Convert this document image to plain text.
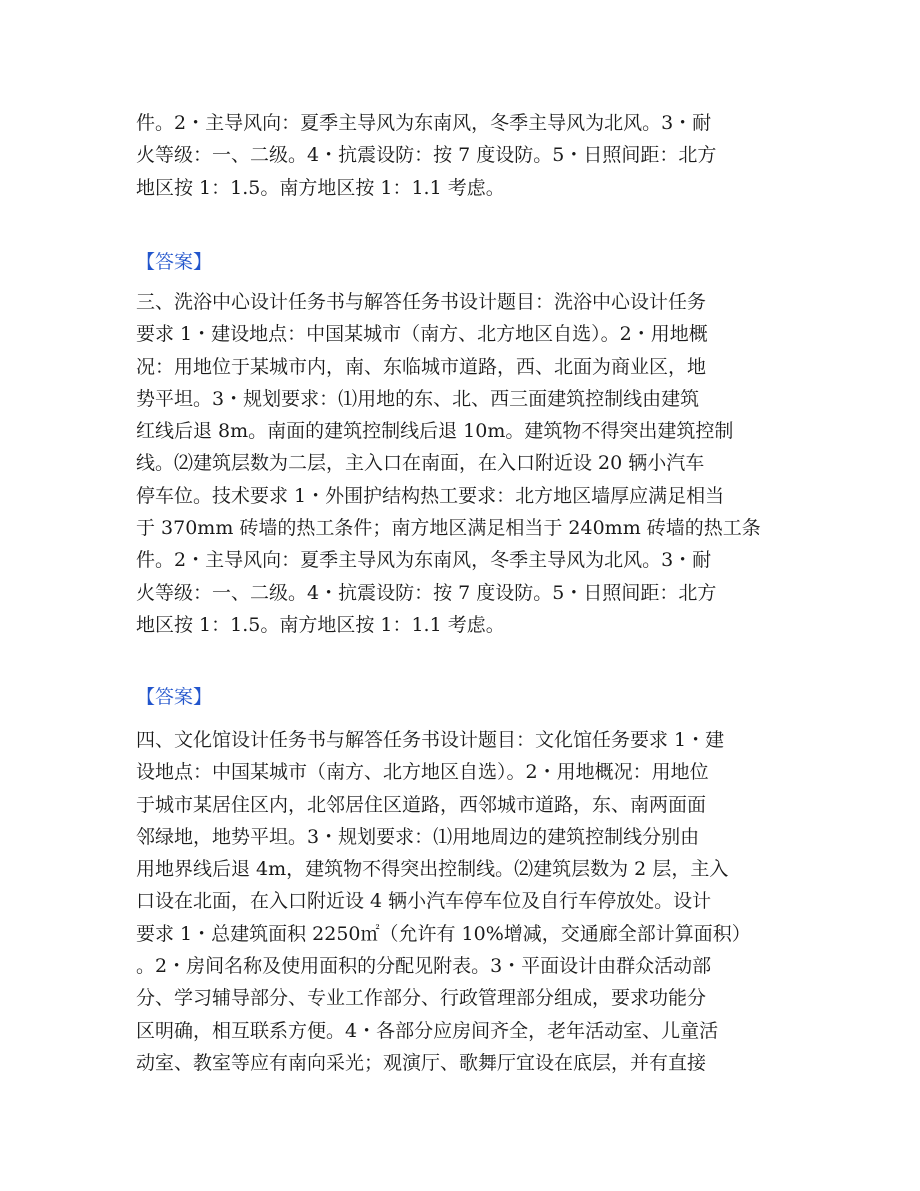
件。2・主导风向：夏季主导风为东南风，冬季主导风为北风。3・耐
火等级：一、二级。4・抗震设防：按 7 度设防。5・日照间距：北方
地区按 1：1.5。南方地区按 1：1.1 考虑。
【答案】
三、洗浴中心设计任务书与解答任务书设计题目：洗浴中心设计任务
要求 1・建设地点：中国某城市（南方、北方地区自选）。2・用地概
况：用地位于某城市内，南、东临城市道路，西、北面为商业区，地
势平坦。3・规划要求：⑴用地的东、北、西三面建筑控制线由建筑
红线后退 8m。南面的建筑控制线后退 10m。建筑物不得突出建筑控制
线。⑵建筑层数为二层，主入口在南面，在入口附近设 20 辆小汽车
停车位。技术要求 1・外围护结构热工要求：北方地区墙厚应满足相当
于 370mm 砖墙的热工条件；南方地区满足相当于 240mm 砖墙的热工条
件。2・主导风向：夏季主导风为东南风，冬季主导风为北风。3・耐
火等级：一、二级。4・抗震设防：按 7 度设防。5・日照间距：北方
地区按 1：1.5。南方地区按 1：1.1 考虑。
【答案】
四、文化馆设计任务书与解答任务书设计题目：文化馆任务要求 1・建
设地点：中国某城市（南方、北方地区自选）。2・用地概况：用地位
于城市某居住区内，北邻居住区道路，西邻城市道路，东、南两面面
邻绿地，地势平坦。3・规划要求：⑴用地周边的建筑控制线分别由
用地界线后退 4m，建筑物不得突出控制线。⑵建筑层数为 2 层，主入
口设在北面，在入口附近设 4 辆小汽车停车位及自行车停放处。设计
要求 1・总建筑面积 2250㎡（允许有 10%增减，交通廊全部计算面积）
。2・房间名称及使用面积的分配见附表。3・平面设计由群众活动部
分、学习辅导部分、专业工作部分、行政管理部分组成，要求功能分
区明确，相互联系方便。4・各部分应房间齐全，老年活动室、儿童活
动室、教室等应有南向采光；观演厅、歌舞厅宜设在底层，并有直接
